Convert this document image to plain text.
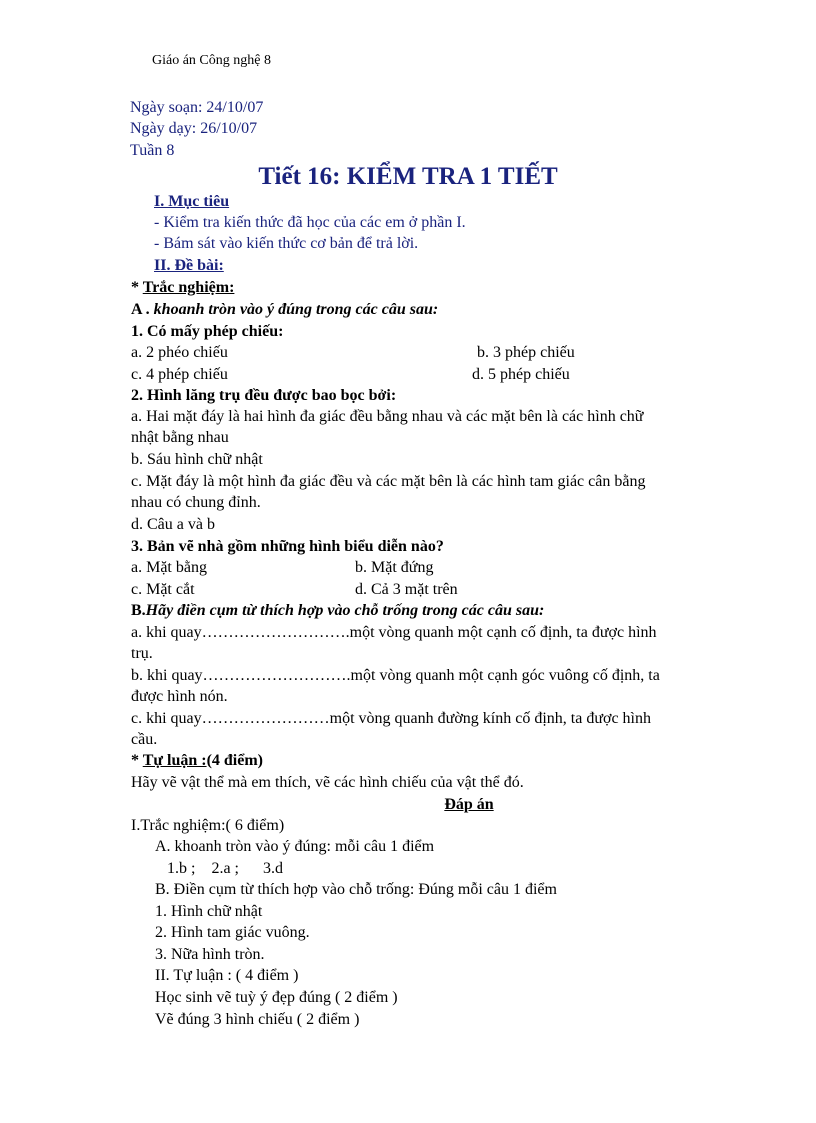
Giáo án Công nghệ 8
Ngày soạn: 24/10/07
Ngày dạy: 26/10/07
Tuần 8
Tiết 16: KIỂM TRA 1 TIẾT
I. Mục tiêu
- Kiểm tra kiến thức đã học của các em ở phần I.
- Bám sát vào kiến thức cơ bản để trả lời.
II. Đề bài:
* Trắc nghiệm:
A . khoanh tròn vào ý đúng trong các câu sau:
1. Có mấy phép chiếu:
a. 2 phéo chiếu	b. 3 phép chiếu
c. 4 phép chiếu	d. 5 phép chiếu
2. Hình lăng trụ đều được bao bọc bởi:
a. Hai mặt đáy là hai hình đa giác đều bằng nhau và các mặt bên là các hình chữ
nhật bằng nhau
b. Sáu hình chữ nhật
c. Mặt đáy là một hình đa giác đều và các mặt bên là các hình tam giác cân bằng
nhau có chung đỉnh.
d. Câu a và b
3. Bản vẽ nhà gồm những hình biểu diễn nào?
a. Mặt bằng	b. Mặt đứng
c. Mặt cắt	d. Cả 3 mặt trên
B.Hãy điền cụm từ thích hợp vào chỗ trống trong các câu sau:
a. khi quay……………………….một vòng quanh một cạnh cố định, ta được hình
trụ.
b. khi quay……………………….một vòng quanh một cạnh góc vuông cố định, ta
được hình nón.
c. khi quay……………………một vòng quanh đường kính cố định, ta được hình
cầu.
* Tự luận :(4 điểm)
Hãy vẽ vật thể mà em thích, vẽ các hình chiếu của vật thể đó.
Đáp án
I.Trắc nghiệm:( 6 điểm)
A. khoanh tròn vào ý đúng: mỗi câu 1 điểm
1.b ;    2.a ;      3.d
B. Điền cụm từ thích hợp vào chỗ trống: Đúng mỗi câu 1 điểm
1. Hình chữ nhật
2. Hình tam giác vuông.
3. Nữa hình tròn.
II. Tự luận : ( 4 điểm )
Học sinh vẽ tuỳ ý đẹp đúng ( 2 điểm )
Vẽ đúng 3 hình chiếu ( 2 điểm )
